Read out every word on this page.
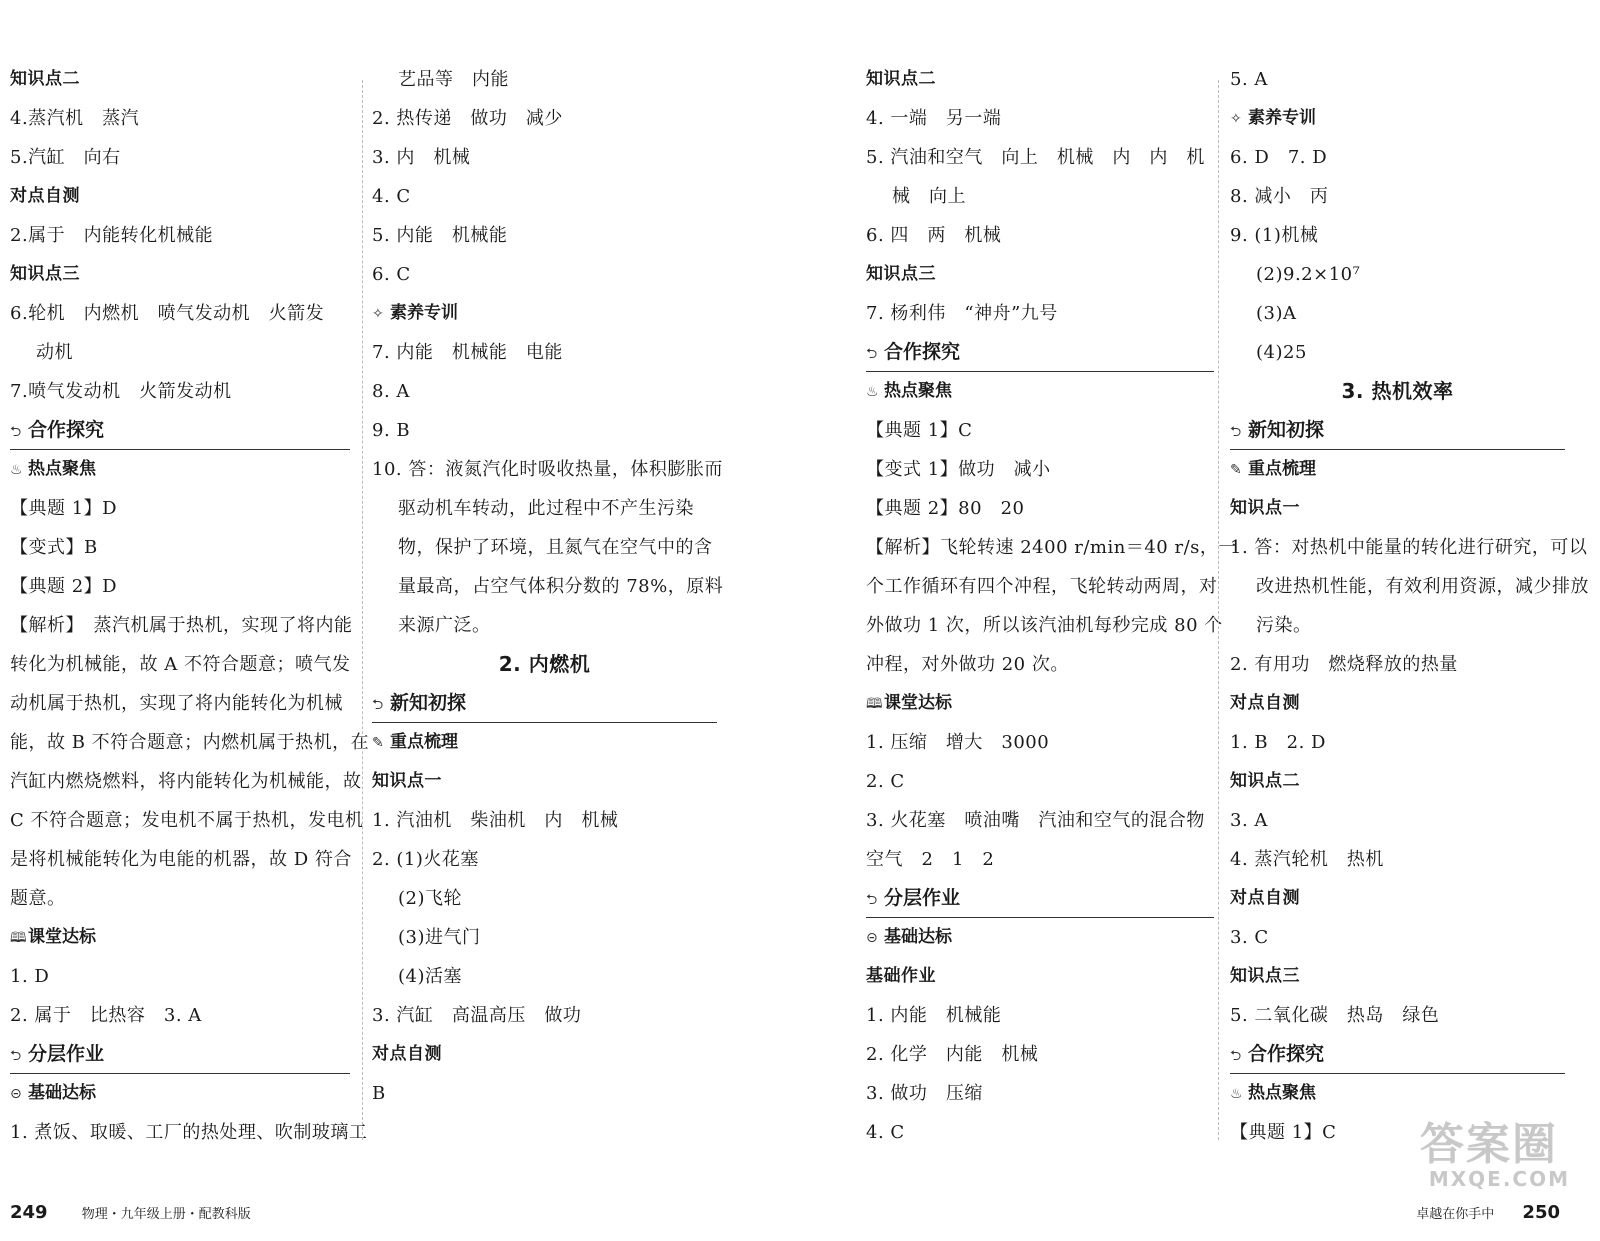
知识点二
4.蒸汽机　蒸汽
5.汽缸　向右
对点自测
2.属于　内能转化机械能
知识点三
6.轮机　内燃机　喷气发动机　火箭发
动机
7.喷气发动机　火箭发动机
⮌ 合作探究
♨ 热点聚焦
【典题 1】D
【变式】B
【典题 2】D
【解析】　蒸汽机属于热机，实现了将内能
转化为机械能，故 A 不符合题意；喷气发
动机属于热机，实现了将内能转化为机械
能，故 B 不符合题意；内燃机属于热机，在
汽缸内燃烧燃料，将内能转化为机械能，故
C 不符合题意；发电机不属于热机，发电机
是将机械能转化为电能的机器，故 D 符合
题意。
🕮课堂达标
1. D
2. 属于　比热容　3. A
⮌ 分层作业
⊝ 基础达标
1. 煮饭、取暖、工厂的热处理、吹制玻璃工
艺品等　内能
2. 热传递　做功　减少
3. 内　机械
4. C
5. 内能　机械能
6. C
✧ 素养专训
7. 内能　机械能　电能
8. A
9. B
10. 答：液氮汽化时吸收热量，体积膨胀而
驱动机车转动，此过程中不产生污染
物，保护了环境，且氮气在空气中的含
量最高，占空气体积分数的 78%，原料
来源广泛。
2. 内燃机
⮌ 新知初探
✎ 重点梳理
知识点一
1. 汽油机　柴油机　内　机械
2. (1)火花塞
(2)飞轮
(3)进气门
(4)活塞
3. 汽缸　高温高压　做功
对点自测
B
249	物理・九年级上册・配教科版
知识点二
4. 一端　另一端
5. 汽油和空气　向上　机械　内　内　机
械　向上
6. 四　两　机械
知识点三
7. 杨利伟　“神舟”九号
⮌ 合作探究
♨ 热点聚焦
【典题 1】C
【变式 1】做功　减小
【典题 2】80　20
【解析】飞轮转速 2400 r/min＝40 r/s，一
个工作循环有四个冲程，飞轮转动两周，对
外做功 1 次，所以该汽油机每秒完成 80 个
冲程，对外做功 20 次。
🕮课堂达标
1. 压缩　增大　3000
2. C
3. 火花塞　喷油嘴　汽油和空气的混合物
空气　2　1　2
⮌ 分层作业
⊝ 基础达标
基础作业
1. 内能　机械能
2. 化学　内能　机械
3. 做功　压缩
4. C
5. A
✧ 素养专训
6. D　7. D
8. 减小　丙
9. (1)机械
(2)9.2×10⁷
(3)A
(4)25
3. 热机效率
⮌ 新知初探
✎ 重点梳理
知识点一
1. 答：对热机中能量的转化进行研究，可以
改进热机性能，有效利用资源，减少排放
污染。
2. 有用功　燃烧释放的热量
对点自测
1. B　2. D
知识点二
3. A
4. 蒸汽轮机　热机
对点自测
3. C
知识点三
5. 二氧化碳　热岛　绿色
⮌ 合作探究
♨ 热点聚焦
【典题 1】C
卓越在你手中 250
答案圈
MXQE.COM
